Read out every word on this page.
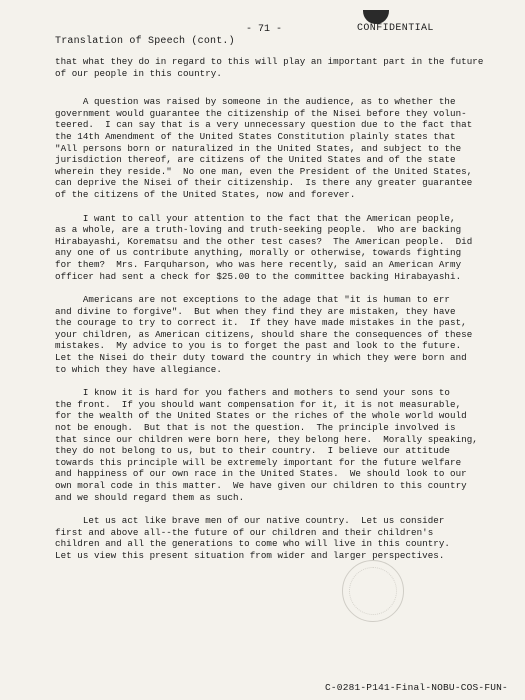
- 71 -	CONFIDENTIAL
Translation of Speech (cont.)

that what they do in regard to this will play an important part in the future
of our people in this country.

A question was raised by someone in the audience, as to whether the
government would guarantee the citizenship of the Nisei before they volun-
teered.  I can say that is a very unnecessary question due to the fact that
the 14th Amendment of the United States Constitution plainly states that
"All persons born or naturalized in the United States, and subject to the
jurisdiction thereof, are citizens of the United States and of the state
wherein they reside."  No one man, even the President of the United States,
can deprive the Nisei of their citizenship.  Is there any greater guarantee
of the citizens of the United States, now and forever.

I want to call your attention to the fact that the American people,
as a whole, are a truth-loving and truth-seeking people.  Who are backing
Hirabayashi, Korematsu and the other test cases?  The American people.  Did
any one of us contribute anything, morally or otherwise, towards fighting
for them?  Mrs. Farquharson, who was here recently, said an American Army
officer had sent a check for $25.00 to the committee backing Hirabayashi.

Americans are not exceptions to the adage that "it is human to err
and divine to forgive".  But when they find they are mistaken, they have
the courage to try to correct it.  If they have made mistakes in the past,
your children, as American citizens, should share the consequences of these
mistakes.  My advice to you is to forget the past and look to the future.
Let the Nisei do their duty toward the country in which they were born and
to which they have allegiance.

I know it is hard for you fathers and mothers to send your sons to
the front.  If you should want compensation for it, it is not measurable,
for the wealth of the United States or the riches of the whole world would
not be enough.  But that is not the question.  The principle involved is
that since our children were born here, they belong here.  Morally speaking,
they do not belong to us, but to their country.  I believe our attitude
towards this principle will be extremely important for the future welfare
and happiness of our own race in the United States.  We should look to our
own moral code in this matter.  We have given our children to this country
and we should regard them as such.

Let us act like brave men of our native country.  Let us consider
first and above all--the future of our children and their children's
children and all the generations to come who will live in this country.
Let us view this present situation from wider and larger perspectives.

C-0281-P141-Final-NOBU-COS-FUN-
